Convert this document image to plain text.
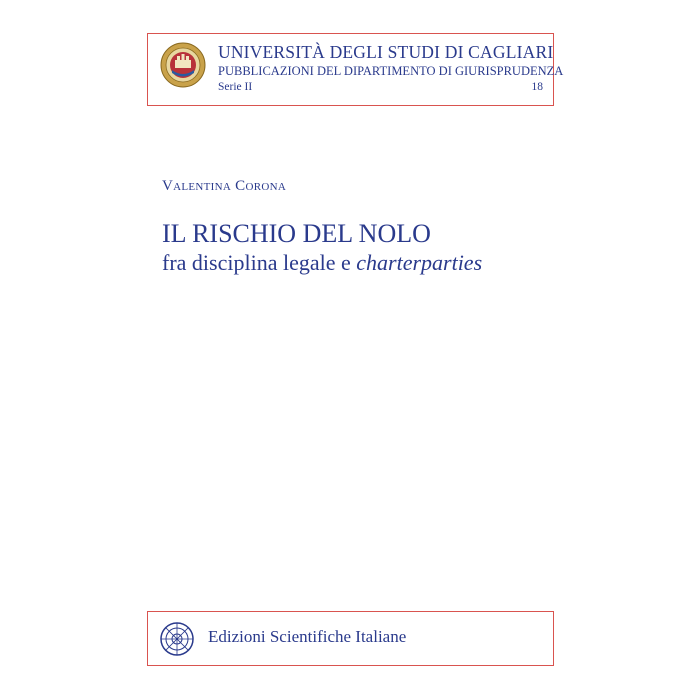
UNIVERSITÀ DEGLI STUDI DI CAGLIARI
PUBBLICAZIONI DEL DIPARTIMENTO DI GIURISPRUDENZA
Serie II	18
Valentina Corona
IL RISCHIO DEL NOLO
fra disciplina legale e charterparties
Edizioni Scientifiche Italiane
